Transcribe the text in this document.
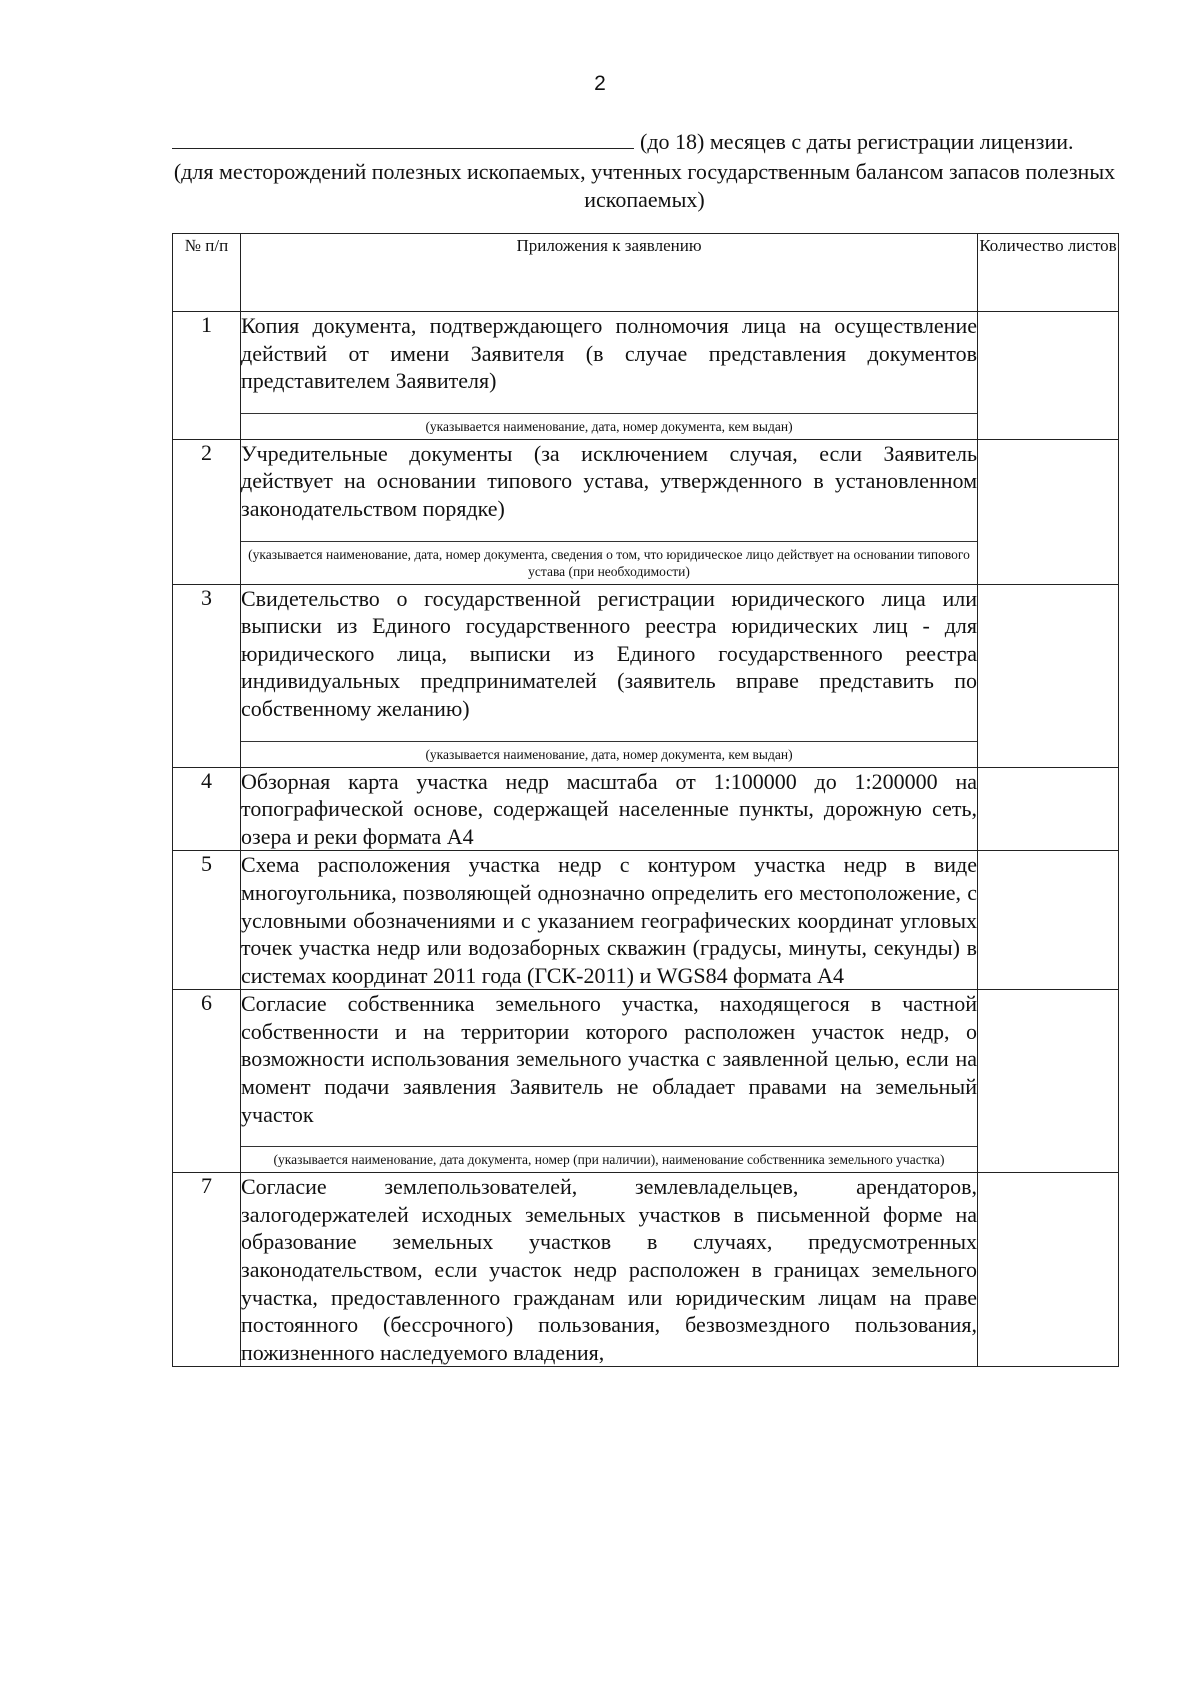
2
(до 18) месяцев с даты регистрации лицензии.
(для месторождений полезных ископаемых, учтенных государственным балансом запасов полезных ископаемых)
№ п/п	Приложения к заявлению	Количество листов
1	Копия документа, подтверждающего полномочия лица на осуществление действий от имени Заявителя (в случае представления документов представителем Заявителя)
(указывается наименование, дата, номер документа, кем выдан)	

2	Учредительные документы (за исключением случая, если Заявитель действует на основании типового устава, утвержденного в установленном законодательством порядке)
(указывается наименование, дата, номер документа, сведения о том, что юридическое лицо действует на основании типового устава (при необходимости)	

3	Свидетельство о государственной регистрации юридического лица или выписки из Единого государственного реестра юридических лиц - для юридического лица, выписки из Единого государственного реестра индивидуальных предпринимателей (заявитель вправе представить по собственному желанию)
(указывается наименование, дата, номер документа, кем выдан)	

4	Обзорная карта участка недр масштаба от 1:100000 до 1:200000 на топографической основе, содержащей населенные пункты, дорожную сеть, озера и реки формата А4	

5	Схема расположения участка недр с контуром участка недр в виде многоугольника, позволяющей однозначно определить его местоположение, с условными обозначениями и с указанием географических координат угловых точек участка недр или водозаборных скважин (градусы, минуты, секунды) в системах координат 2011 года (ГСК-2011) и WGS84 формата А4	

6	Согласие собственника земельного участка, находящегося в частной собственности и на территории которого расположен участок недр, о возможности использования земельного участка с заявленной целью, если на момент подачи заявления Заявитель не обладает правами на земельный участок
(указывается наименование, дата документа, номер (при наличии), наименование собственника земельного участка)	

7	Согласие землепользователей, землевладельцев, арендаторов, залогодержателей исходных земельных участков в письменной форме на образование земельных участков в случаях, предусмотренных законодательством, если участок недр расположен в границах земельного участка, предоставленного гражданам или юридическим лицам на праве постоянного (бессрочного) пользования, безвозмездного пользования, пожизненного наследуемого владения,	
